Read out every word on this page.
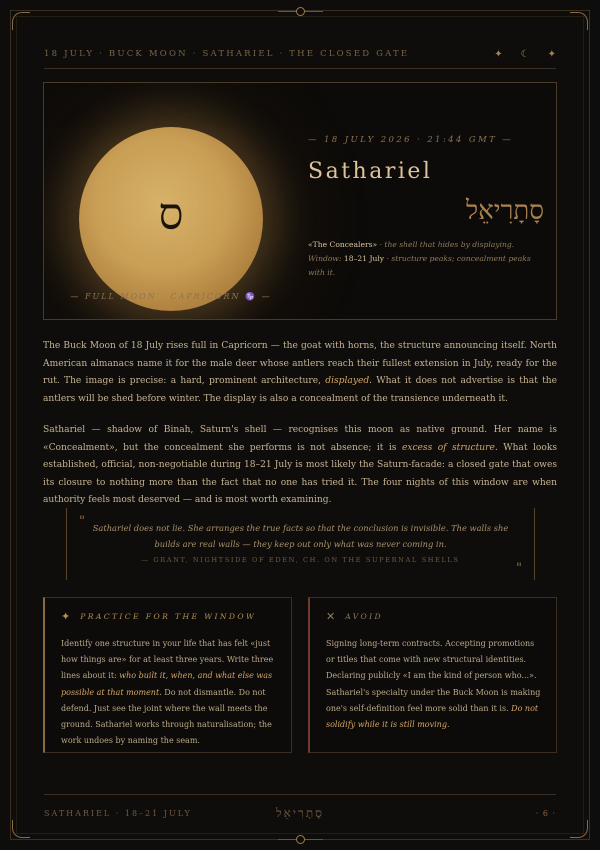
18 JULY · BUCK MOON · SATHARIEL · THE CLOSED GATE	✦ ☾ ✦
ס
— FULL MOON · CAPRICORN ♑ —
— 18 JULY 2026 · 21:44 GMT —
Sathariel
סָתָרִיאֵל
«The Concealers» · the shell that hides by displaying.
Window: 18–21 July · structure peaks; concealment peaks with it.

The Buck Moon of 18 July rises full in Capricorn — the goat with horns, the structure announcing itself. North American almanacs name it for the male deer whose antlers reach their fullest extension in July, ready for the rut. The image is precise: a hard, prominent architecture, displayed. What it does not advertise is that the antlers will be shed before winter. The display is also a concealment of the transience underneath it.

Sathariel — shadow of Binah, Saturn's shell — recognises this moon as native ground. Her name is «Concealment», but the concealment she performs is not absence; it is excess of structure. What looks established, official, non-negotiable during 18–21 July is most likely the Saturn-facade: a closed gate that owes its closure to nothing more than the fact that no one has tried it. The four nights of this window are when authority feels most deserved — and is most worth examining.

" Sathariel does not lie. She arranges the true facts so that the conclusion is invisible. The walls she builds are real walls — they keep out only what was never coming in.
— GRANT, NIGHTSIDE OF EDEN, CH. ON THE SUPERNAL SHELLS
"
✦ PRACTICE FOR THE WINDOW
Identify one structure in your life that has felt «just how things are» for at least three years. Write three lines about it: who built it, when, and what else was possible at that moment. Do not dismantle. Do not defend. Just see the joint where the wall meets the ground. Sathariel works through naturalisation; the work undoes by naming the seam.
✕ AVOID
Signing long-term contracts. Accepting promotions or titles that come with new structural identities. Declaring publicly «I am the kind of person who...». Sathariel's specialty under the Buck Moon is making one's self-definition feel more solid than it is. Do not solidify while it is still moving.
SATHARIEL · 18–21 JULY	סָתָרִיאֵל	· 6 ·
